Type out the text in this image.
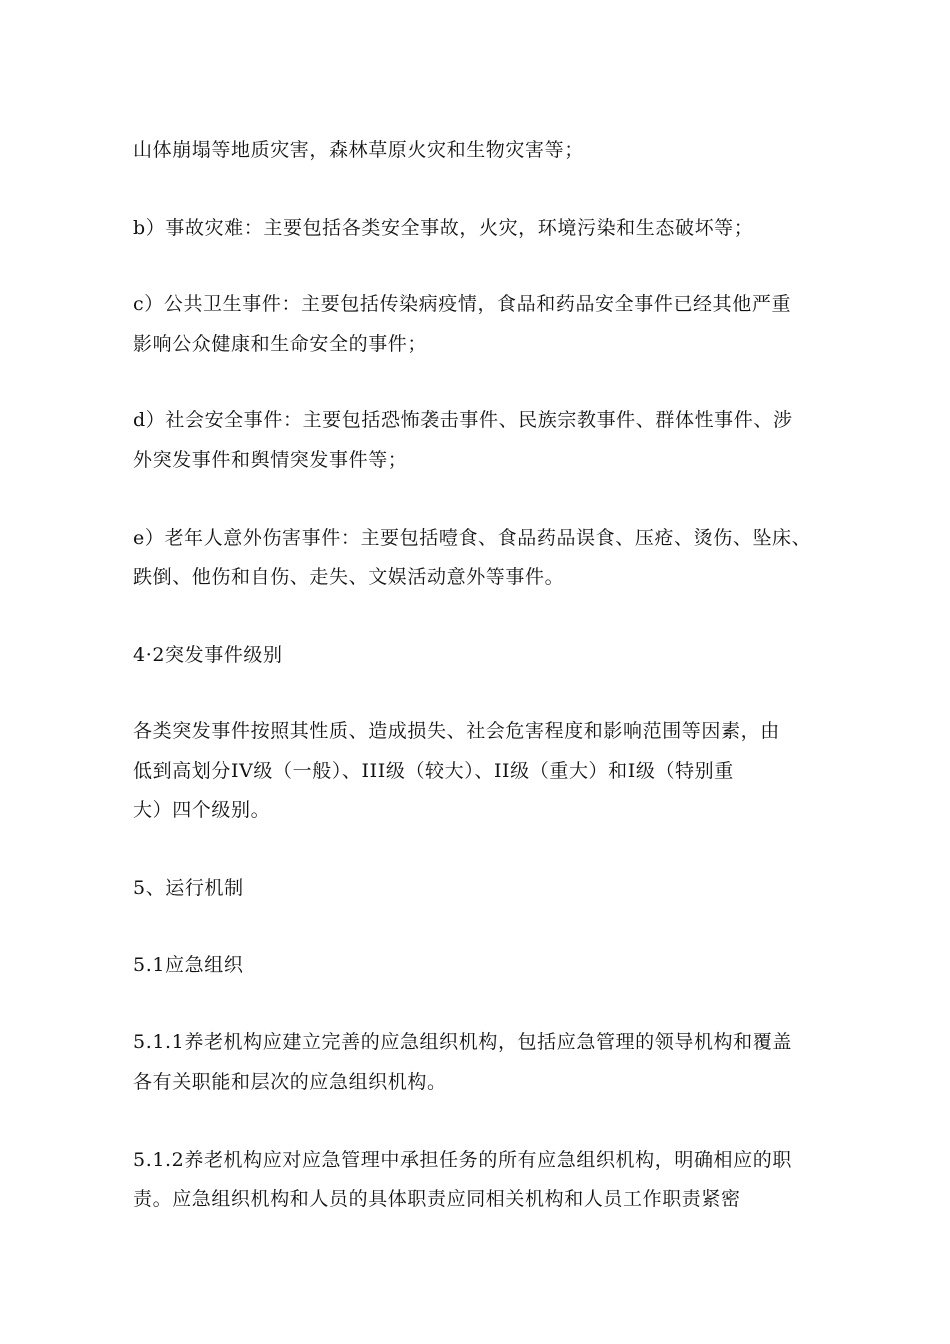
山体崩塌等地质灾害，森林草原火灾和生物灾害等；
b）事故灾难：主要包括各类安全事故，火灾，环境污染和生态破坏等；
c）公共卫生事件：主要包括传染病疫情，食品和药品安全事件已经其他严重
影响公众健康和生命安全的事件；
d）社会安全事件：主要包括恐怖袭击事件、民族宗教事件、群体性事件、涉
外突发事件和舆情突发事件等；
e）老年人意外伤害事件：主要包括噎食、食品药品误食、压疮、烫伤、坠床、
跌倒、他伤和自伤、走失、文娱活动意外等事件。
4·2突发事件级别
各类突发事件按照其性质、造成损失、社会危害程度和影响范围等因素，由
低到高划分IV级（一般）、III级（较大）、II级（重大）和I级（特别重
大）四个级别。
5、运行机制
5.1应急组织
5.1.1养老机构应建立完善的应急组织机构，包括应急管理的领导机构和覆盖
各有关职能和层次的应急组织机构。
5.1.2养老机构应对应急管理中承担任务的所有应急组织机构，明确相应的职
责。应急组织机构和人员的具体职责应同相关机构和人员工作职责紧密
